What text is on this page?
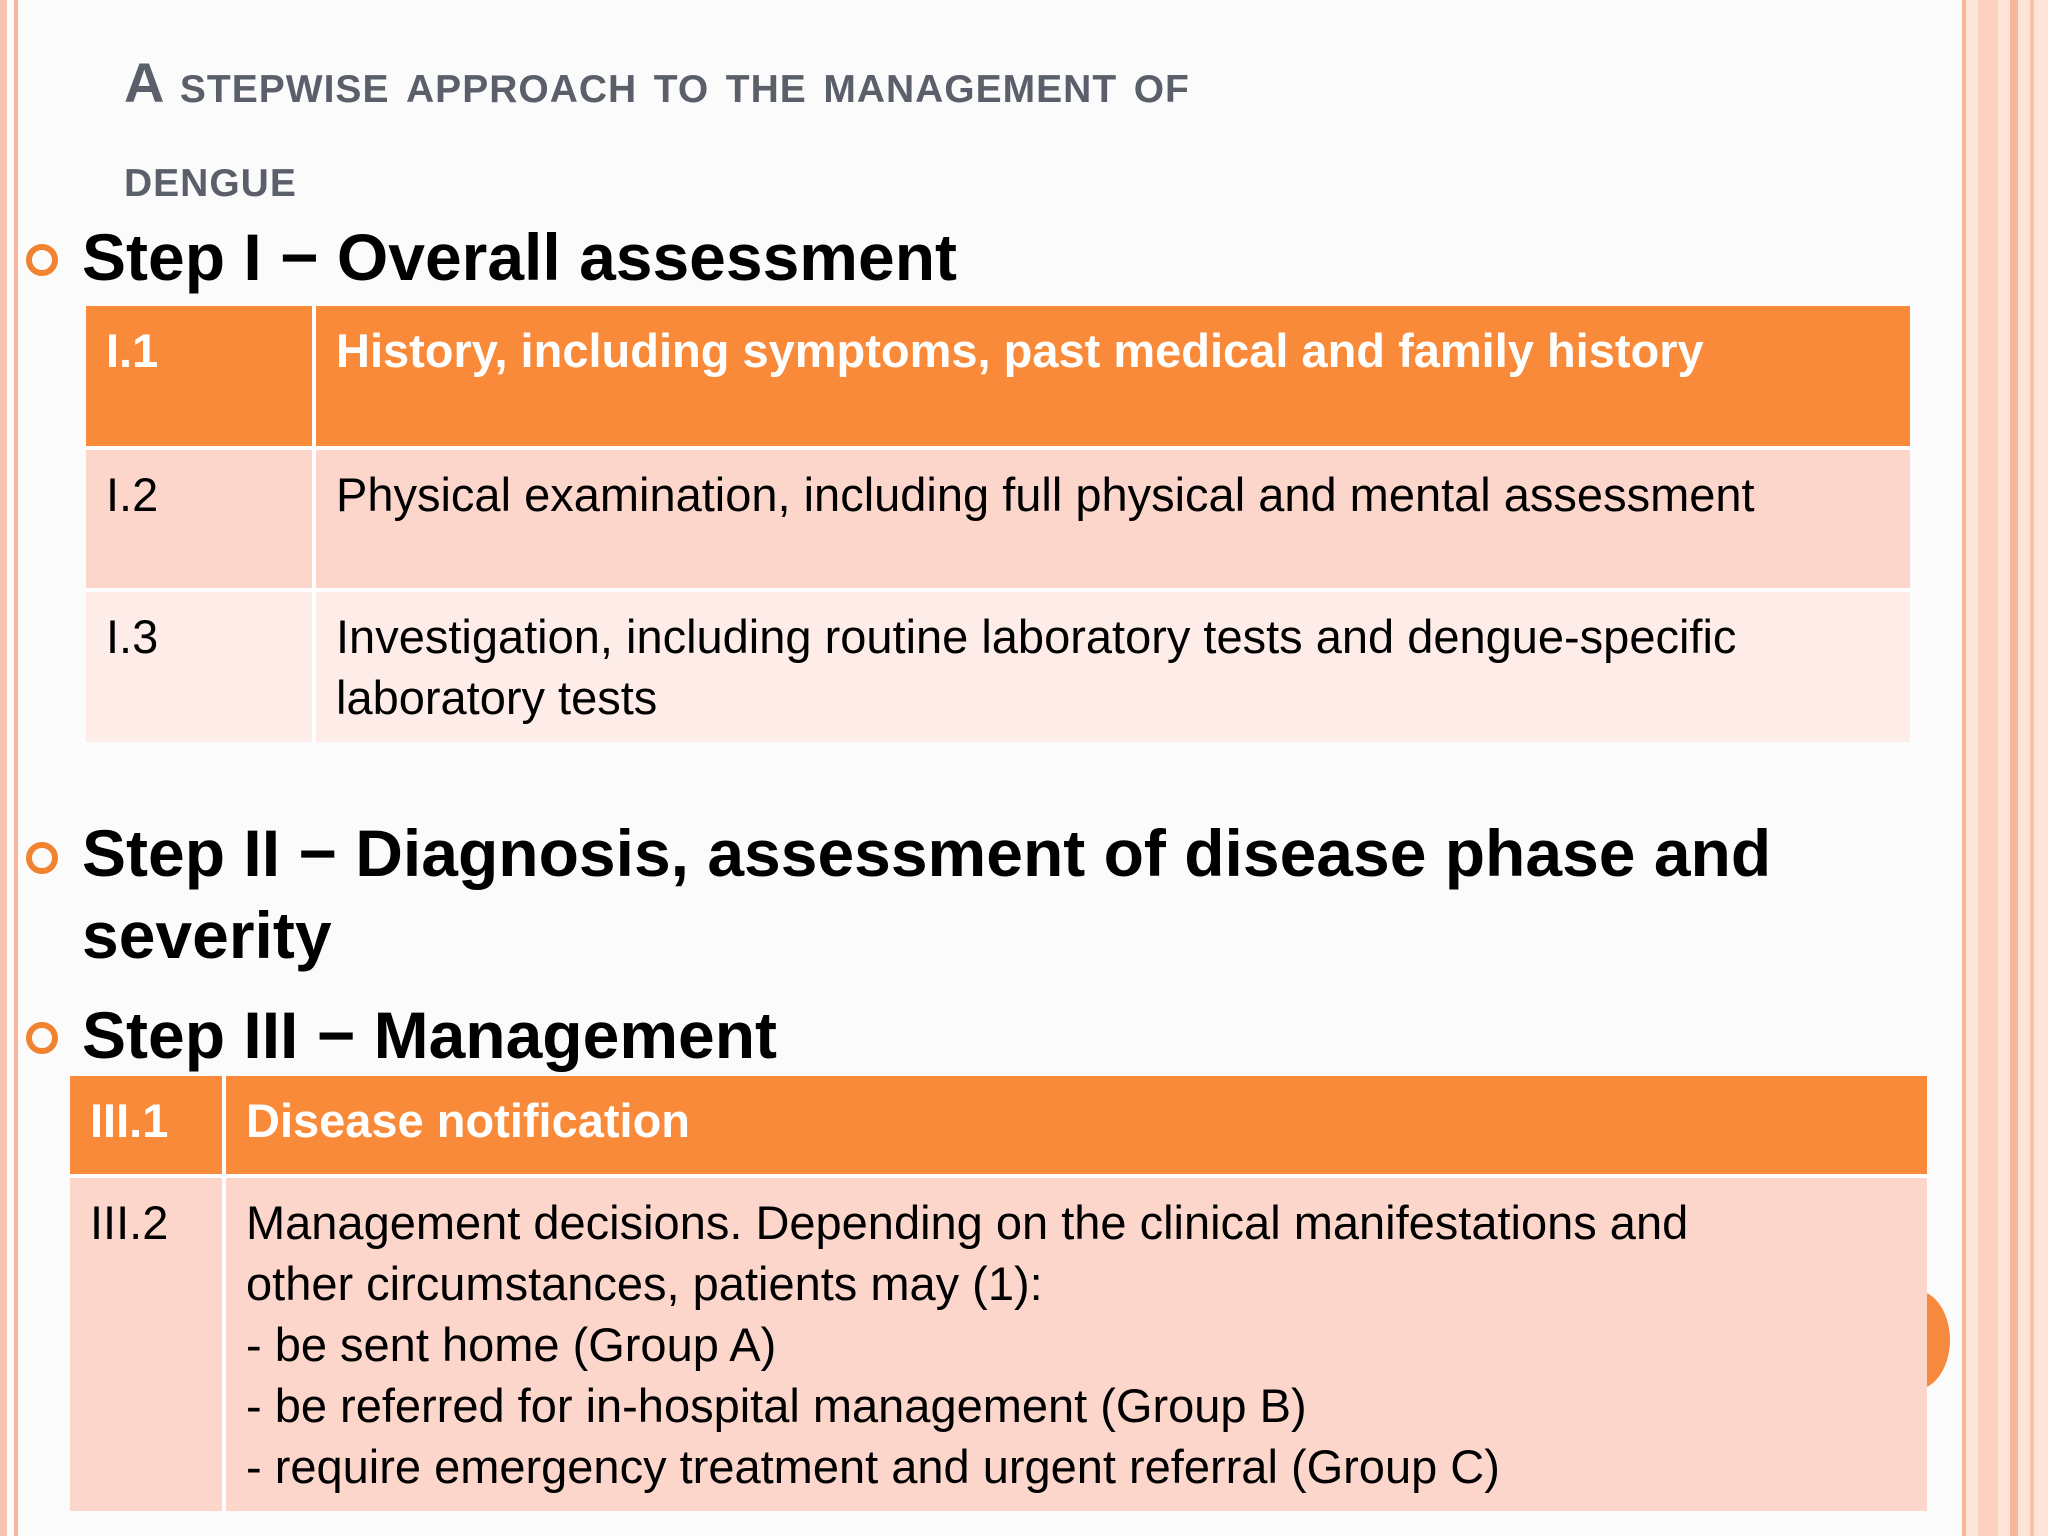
A stepwise approach to the management of
dengue
Step I − Overall assessment
I.1	History, including symptoms, past medical and family history
I.2	Physical examination, including full physical and mental assessment
I.3	Investigation, including routine laboratory tests and dengue-specific
laboratory tests
Step II − Diagnosis, assessment of disease phase and
severity
Step III − Management
III.1	Disease notification
III.2	Management decisions. Depending on the clinical manifestations and
other circumstances, patients may (1):
- be sent home (Group A)
- be referred for in-hospital management (Group B)
- require emergency treatment and urgent referral (Group C)
